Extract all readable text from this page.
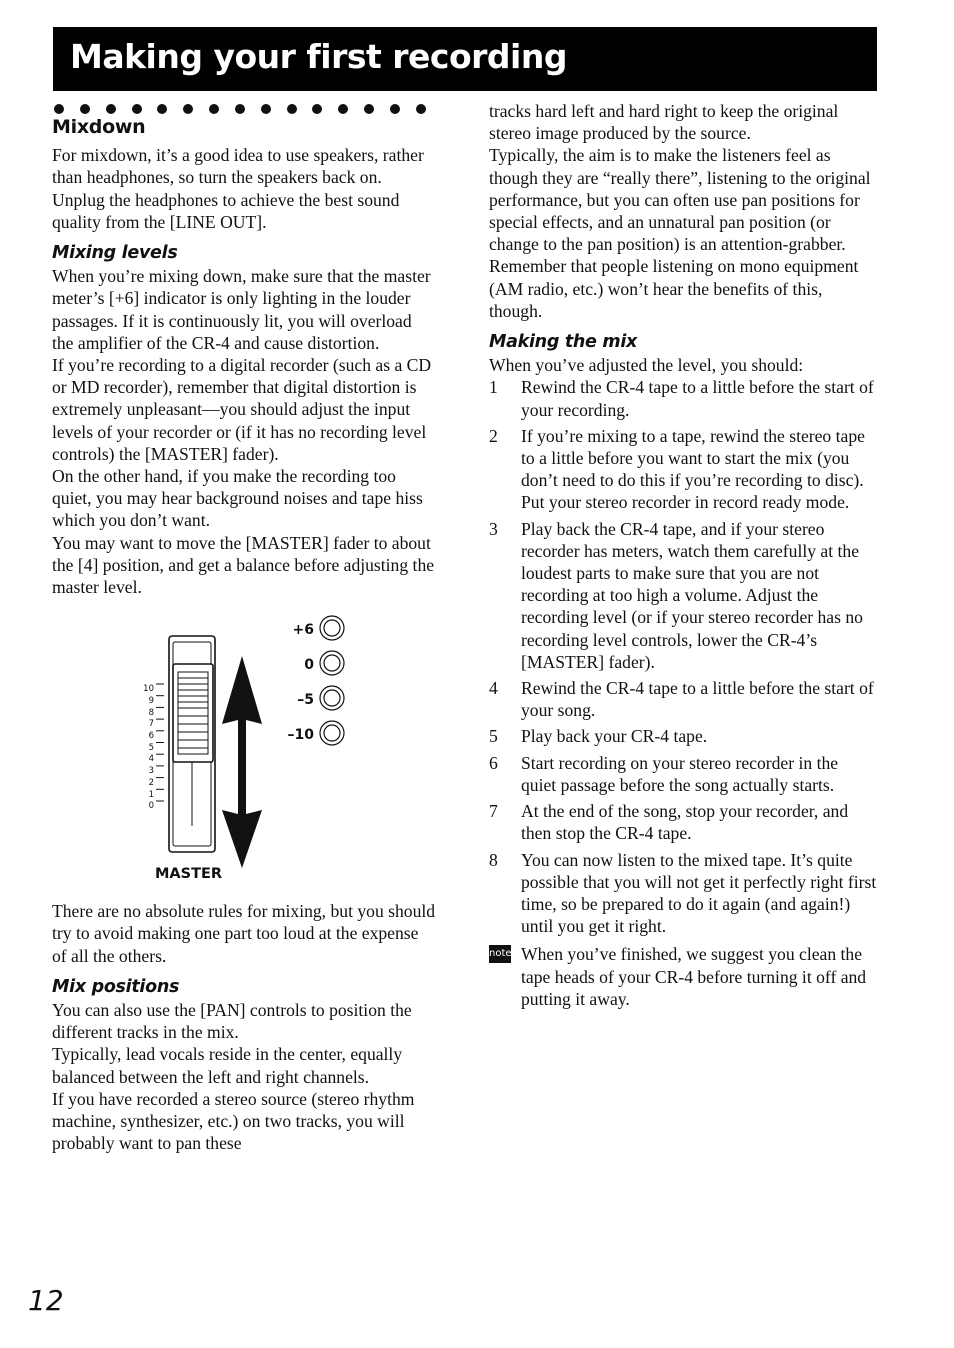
Making your first recording
Mixdown

For mixdown, it’s a good idea to use speakers, rather than headphones, so turn the speakers back on.

Unplug the headphones to achieve the best sound quality from the [LINE OUT].

Mixing levels

When you’re mixing down, make sure that the master meter’s [+6] indicator is only lighting in the louder passages. If it is continuously lit, you will overload the amplifier of the CR-4 and cause distortion.

If you’re recording to a digital recorder (such as a CD or MD recorder), remember that digital distortion is extremely unpleasant—you should adjust the input levels of your recorder or (if it has no recording level controls) the [MASTER] fader).

On the other hand, if you make the recording too quiet, you may hear background noises and tape hiss which you don’t want.

You may want to move the [MASTER] fader to about the [4] position, and get a balance before adjusting the master level.

+6
0
–5
–10
10
9
8
7
6
5
4
3
2
1
0
MASTER

There are no absolute rules for mixing, but you should try to avoid making one part too loud at the expense of all the others.

Mix positions

You can also use the [PAN] controls to position the different tracks in the mix.

Typically, lead vocals reside in the center, equally balanced between the left and right channels.

If you have recorded a stereo source (stereo rhythm machine, synthesizer, etc.) on two tracks, you will probably want to pan these

tracks hard left and hard right to keep the original stereo image produced by the source.

Typically, the aim is to make the listeners feel as though they are “really there”, listening to the original performance, but you can often use pan positions for special effects, and an unnatural pan position (or change to the pan position) is an attention-grabber. Remember that people listening on mono equipment (AM radio, etc.) won’t hear the benefits of this, though.

Making the mix

When you’ve adjusted the level, you should:

1	Rewind the CR-4 tape to a little before the start of your recording.
2	If you’re mixing to a tape, rewind the stereo tape to a little before you want to start the mix (you don’t need to do this if you’re recording to disc). Put your stereo recorder in record ready mode.
3	Play back the CR-4 tape, and if your stereo recorder has meters, watch them carefully at the loudest parts to make sure that you are not recording at too high a volume. Adjust the recording level (or if your stereo recorder has no recording level controls, lower the CR-4’s [MASTER] fader).
4	Rewind the CR-4 tape to a little before the start of your song.
5	Play back your CR-4 tape.
6	Start recording on your stereo recorder in the quiet passage before the song actually starts.
7	At the end of the song, stop your recorder, and then stop the CR-4 tape.
8	You can now listen to the mixed tape. It’s quite possible that you will not get it perfectly right first time, so be prepared to do it again (and again!) until you get it right.
note When you’ve finished, we suggest you clean the tape heads of your CR-4 before turning it off and putting it away.
12
